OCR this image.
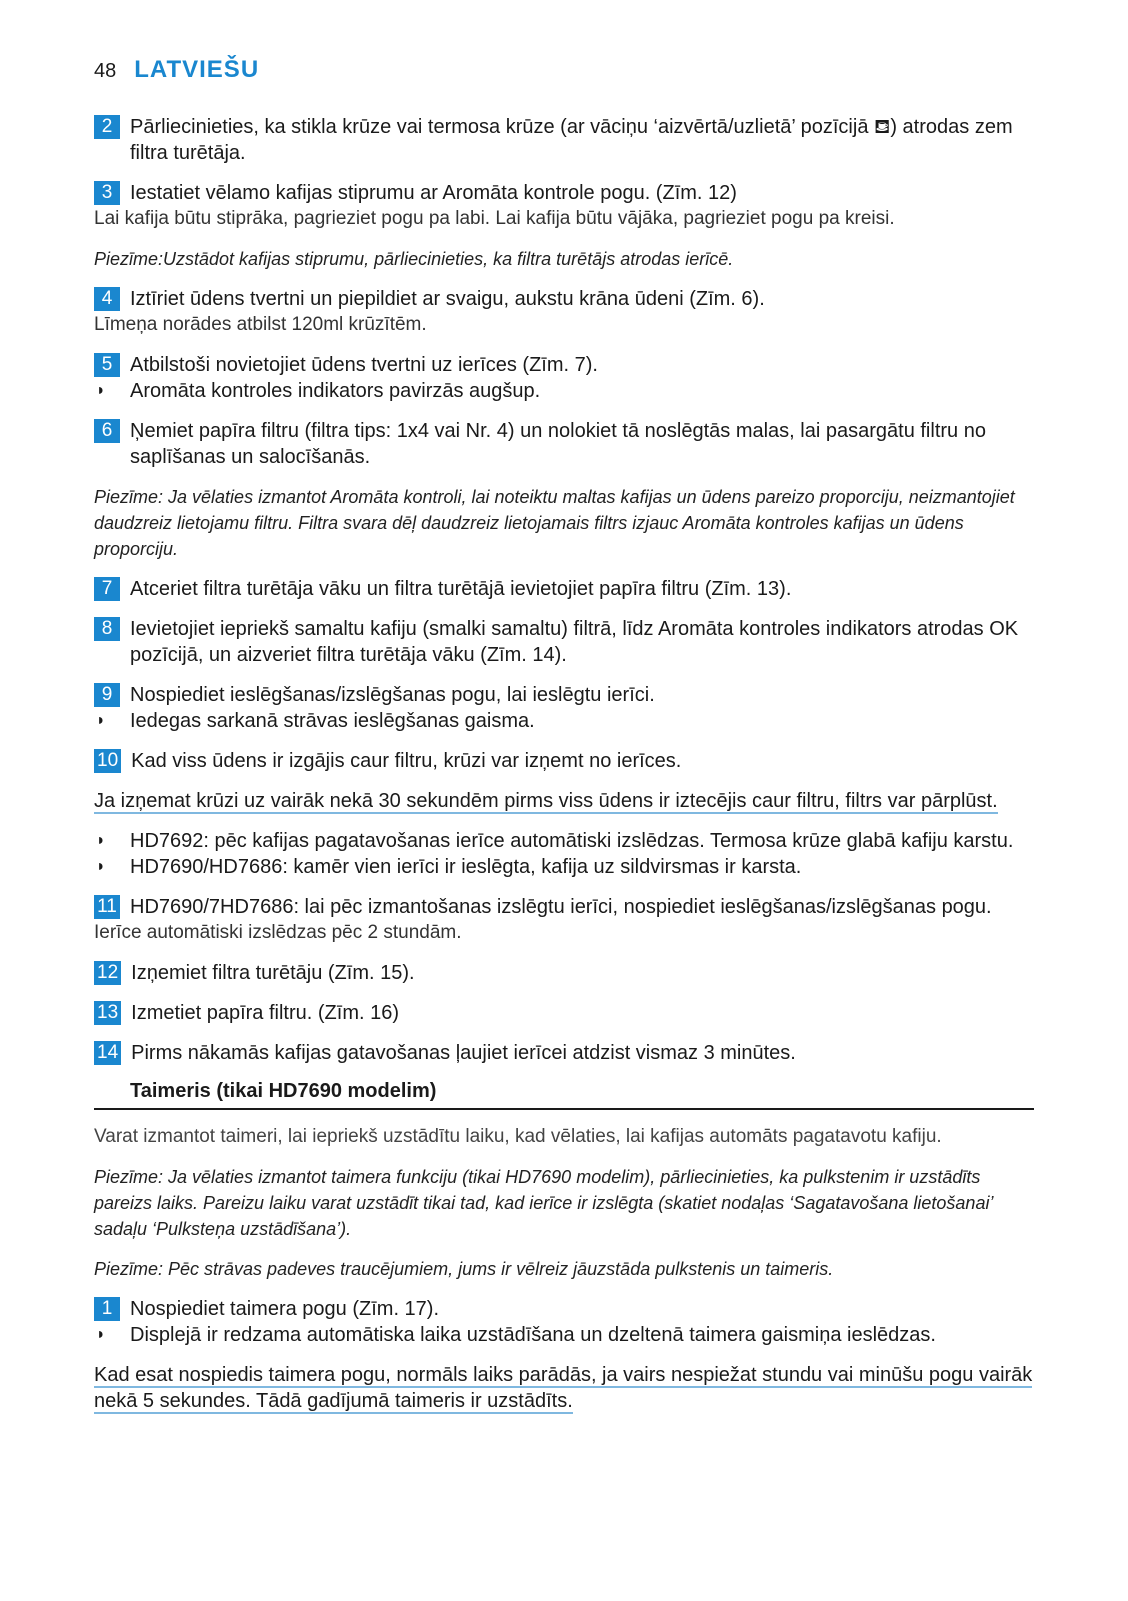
48 LATVIEŠU
2 Pārliecinieties, ka stikla krūze vai termosa krūze (ar vāciņu ‘aizvērtā/uzlietā’ pozīcijā ⛾) atrodas zem filtra turētāja.
3 Iestatiet vēlamo kafijas stiprumu ar Aromāta kontrole pogu. (Zīm. 12)
Lai kafija būtu stiprāka, pagrieziet pogu pa labi. Lai kafija būtu vājāka, pagrieziet pogu pa kreisi.
Piezīme:Uzstādot kafijas stiprumu, pārliecinieties, ka filtra turētājs atrodas ierīcē.
4 Iztīriet ūdens tvertni un piepildiet ar svaigu, aukstu krāna ūdeni (Zīm. 6).
Līmeņa norādes atbilst 120ml krūzītēm.
5 Atbilstoši novietojiet ūdens tvertni uz ierīces (Zīm. 7).
◗	Aromāta kontroles indikators pavirzās augšup.
6 Ņemiet papīra filtru (filtra tips: 1x4 vai Nr. 4) un nolokiet tā noslēgtās malas, lai pasargātu filtru no saplīšanas un salocīšanās.
Piezīme: Ja vēlaties izmantot Aromāta kontroli, lai noteiktu maltas kafijas un ūdens pareizo proporciju, neizmantojiet daudzreiz lietojamu filtru. Filtra svara dēļ daudzreiz lietojamais filtrs izjauc Aromāta kontroles kafijas un ūdens proporciju.
7 Atceriet filtra turētāja vāku un filtra turētājā ievietojiet papīra filtru (Zīm. 13).
8 Ievietojiet iepriekš samaltu kafiju (smalki samaltu) filtrā, līdz Aromāta kontroles indikators atrodas OK pozīcijā, un aizveriet filtra turētāja vāku (Zīm. 14).
9 Nospiediet ieslēgšanas/izslēgšanas pogu, lai ieslēgtu ierīci.
◗	Iedegas sarkanā strāvas ieslēgšanas gaisma.
10 Kad viss ūdens ir izgājis caur filtru, krūzi var izņemt no ierīces.
Ja izņemat krūzi uz vairāk nekā 30 sekundēm pirms viss ūdens ir iztecējis caur filtru, filtrs var pārplūst.
◗	HD7692: pēc kafijas pagatavošanas ierīce automātiski izslēdzas. Termosa krūze glabā kafiju karstu.
◗	HD7690/HD7686: kamēr vien ierīci ir ieslēgta, kafija uz sildvirsmas ir karsta.
11 HD7690/7HD7686: lai pēc izmantošanas izslēgtu ierīci, nospiediet ieslēgšanas/izslēgšanas pogu.
Ierīce automātiski izslēdzas pēc 2 stundām.
12 Izņemiet filtra turētāju (Zīm. 15).
13 Izmetiet papīra filtru. (Zīm. 16)
14 Pirms nākamās kafijas gatavošanas ļaujiet ierīcei atdzist vismaz 3 minūtes.
Taimeris (tikai HD7690 modelim)
Varat izmantot taimeri, lai iepriekš uzstādītu laiku, kad vēlaties, lai kafijas automāts pagatavotu kafiju.
Piezīme: Ja vēlaties izmantot taimera funkciju (tikai HD7690 modelim), pārliecinieties, ka pulkstenim ir uzstādīts pareizs laiks. Pareizu laiku varat uzstādīt tikai tad, kad ierīce ir izslēgta (skatiet nodaļas ‘Sagatavošana lietošanai’ sadaļu ‘Pulksteņa uzstādīšana’).
Piezīme: Pēc strāvas padeves traucējumiem, jums ir vēlreiz jāuzstāda pulkstenis un taimeris.
1 Nospiediet taimera pogu (Zīm. 17).
◗	Displejā ir redzama automātiska laika uzstādīšana un dzeltenā taimera gaismiņa ieslēdzas.
Kad esat nospiedis taimera pogu, normāls laiks parādās, ja vairs nespiežat stundu vai minūšu pogu vairāk nekā 5 sekundes. Tādā gadījumā taimeris ir uzstādīts.
